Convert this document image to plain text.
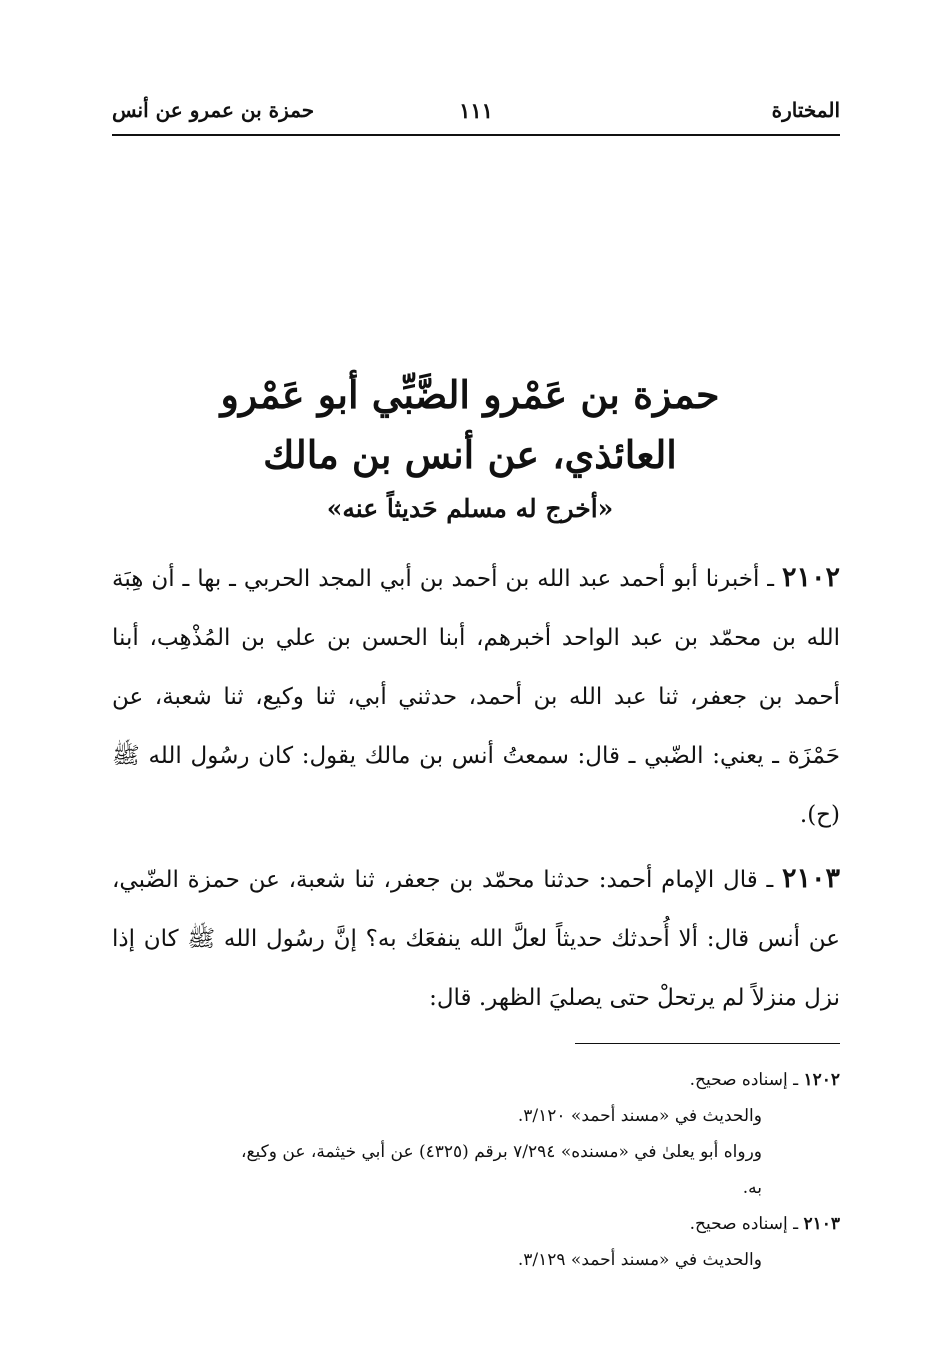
المختارة
١١١
حمزة بن عمرو عن أنس
حمزة بن عَمْرو الضَّبِّي أبو عَمْرو
العائذي، عن أنس بن مالك
«أخرج له مسلم حَديثاً عنه»

٢١٠٢ ـ أخبرنا أبو أحمد عبد الله بن أحمد بن أبي المجد الحربي ـ بها ـ أن هِبَة الله بن محمّد بن عبد الواحد أخبرهم، أبنا الحسن بن علي بن المُذْهِب، أبنا أحمد بن جعفر، ثنا عبد الله بن أحمد، حدثني أبي، ثنا وكيع، ثنا شعبة، عن حَمْزَة ـ يعني: الضّبي ـ قال: سمعتُ أنس بن مالك يقول: كان رسُول الله ﷺ (ح).

٢١٠٣ ـ قال الإمام أحمد: حدثنا محمّد بن جعفر، ثنا شعبة، عن حمزة الضّبي، عن أنس قال: ألا أُحدثك حديثاً لعلَّ الله ينفعَك به؟ إنَّ رسُول الله ﷺ كان إذا نزل منزلاً لم يرتحلْ حتى يصليَ الظهر. قال:

١٢٠٢ ـ إسناده صحيح.

والحديث في «مسند أحمد» ٣/١٢٠.

ورواه أبو يعلىٰ في «مسنده» ٧/٢٩٤ برقم (٤٣٢٥) عن أبي خيثمة، عن وكيع،

به.

٢١٠٣ ـ إسناده صحيح.

والحديث في «مسند أحمد» ٣/١٢٩.
